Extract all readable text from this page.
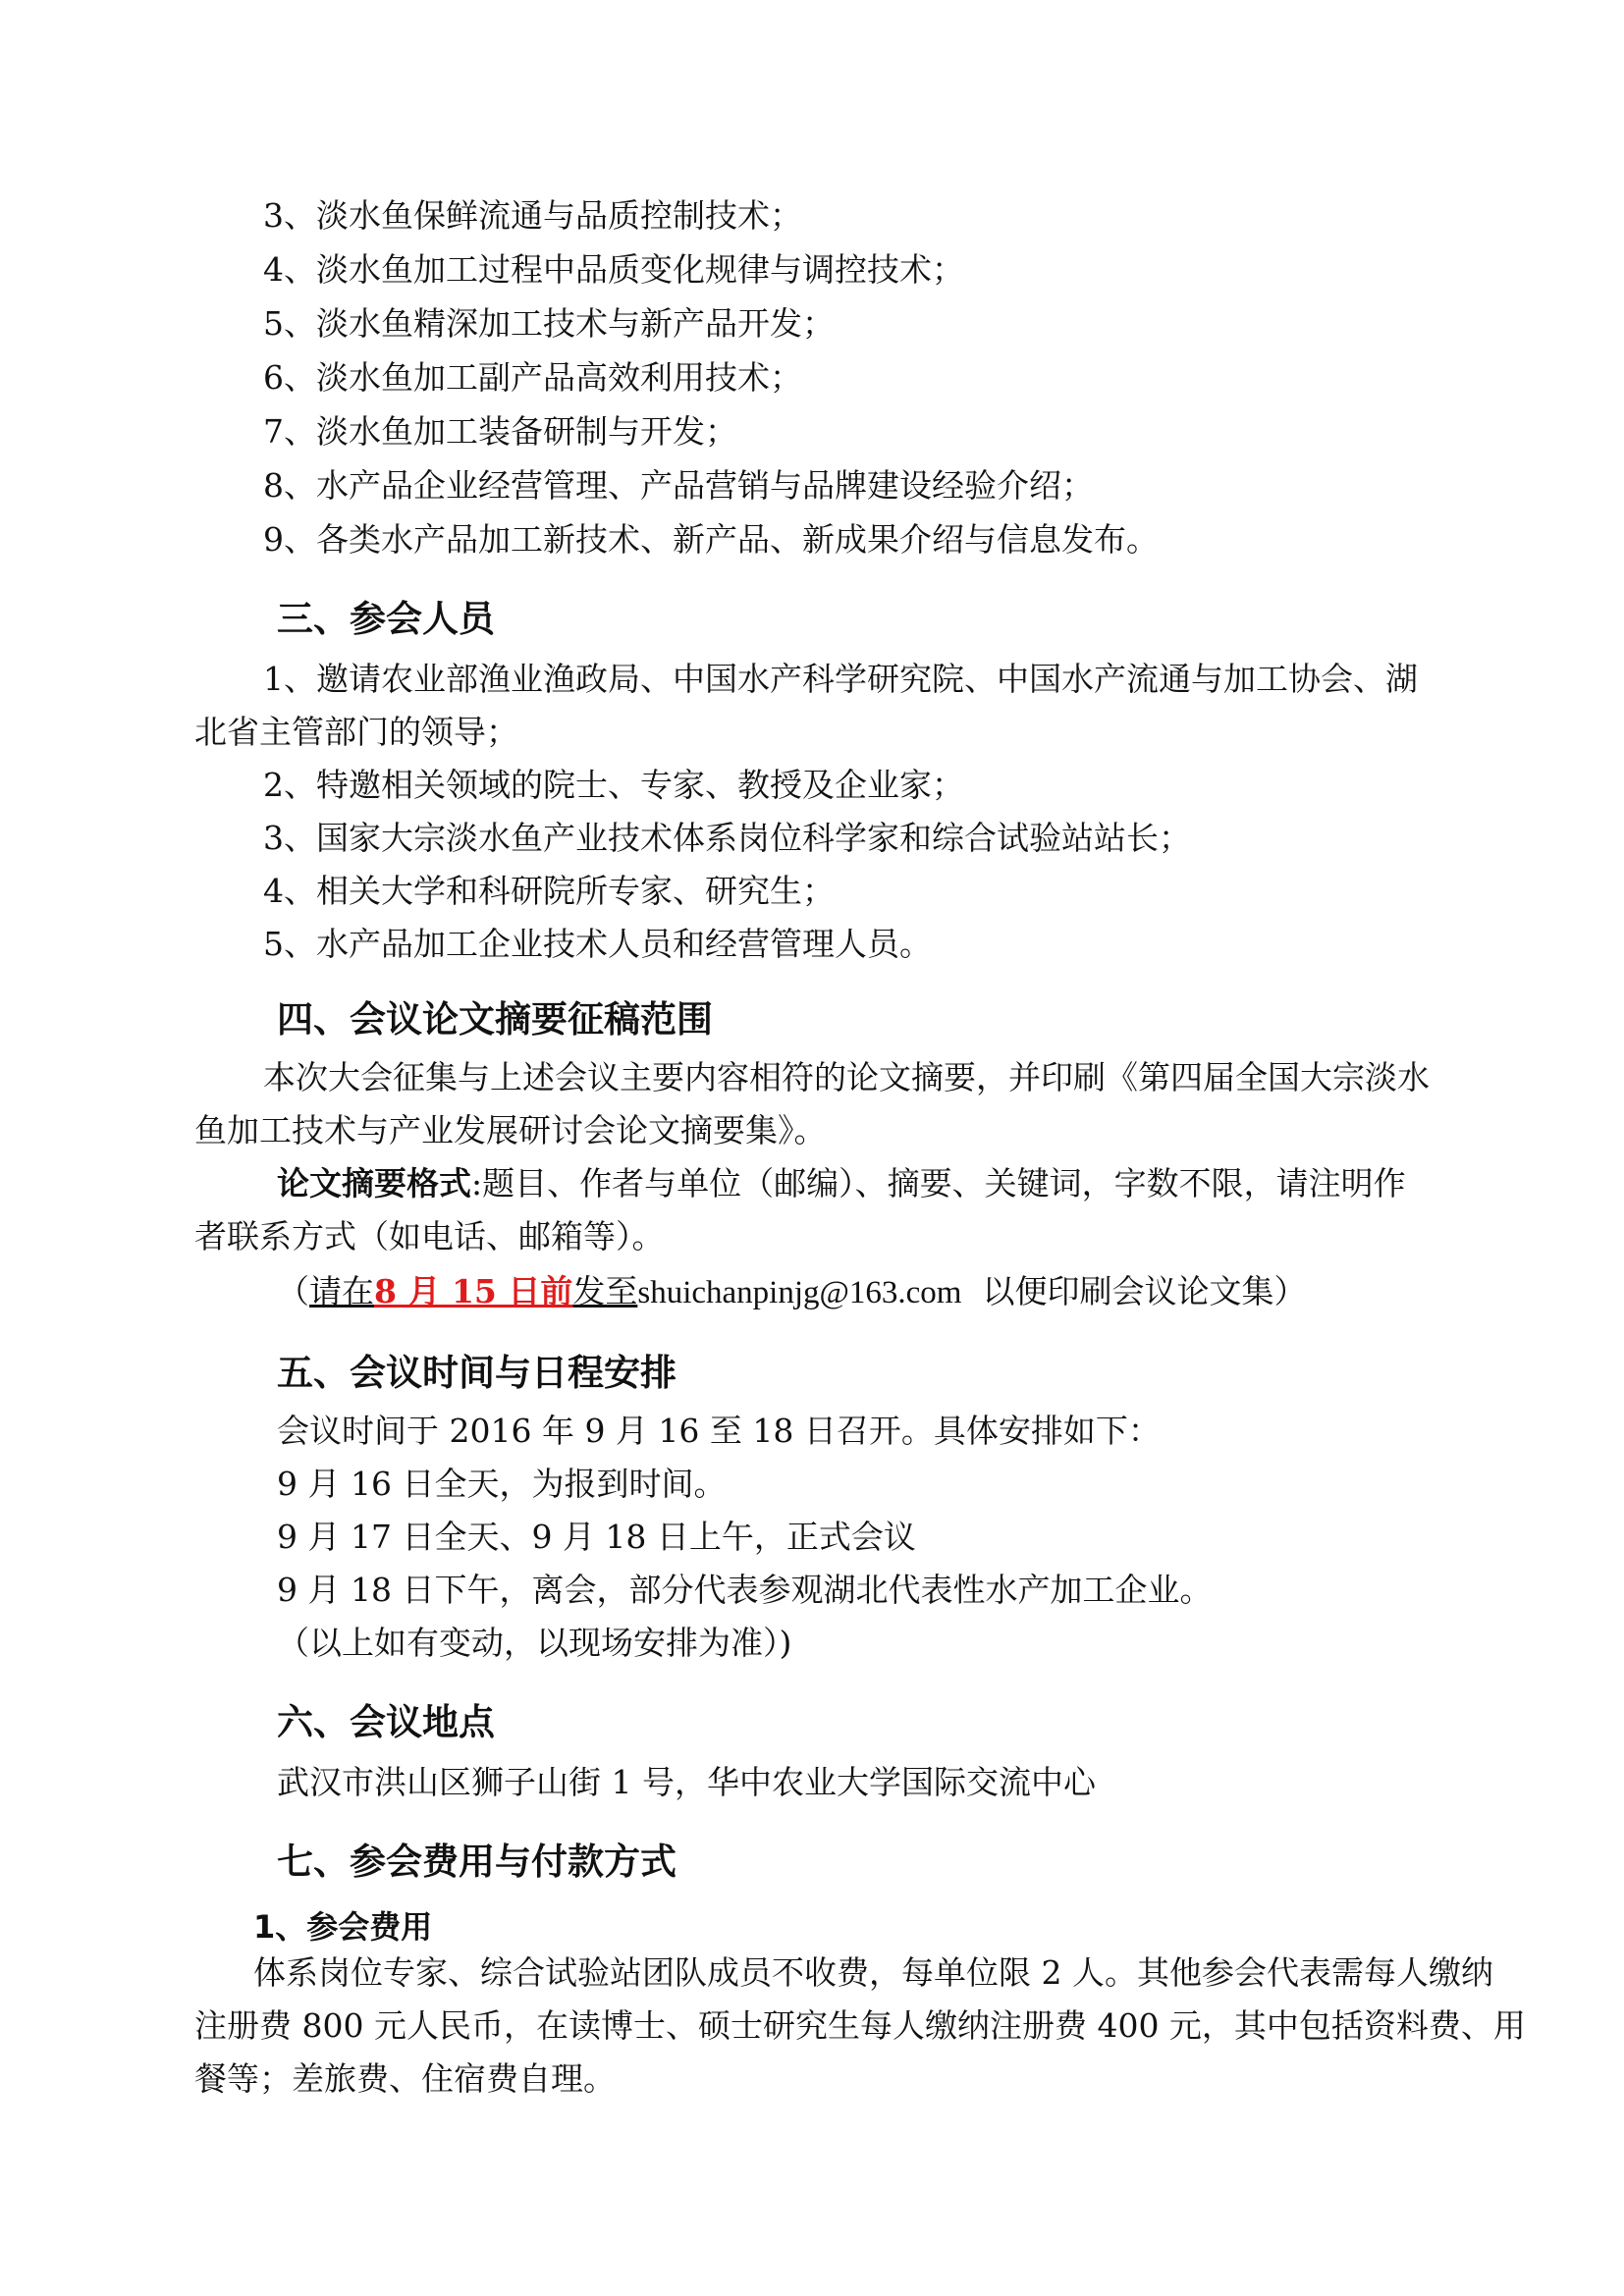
3、淡水鱼保鲜流通与品质控制技术；
4、淡水鱼加工过程中品质变化规律与调控技术；
5、淡水鱼精深加工技术与新产品开发；
6、淡水鱼加工副产品高效利用技术；
7、淡水鱼加工装备研制与开发；
8、水产品企业经营管理、产品营销与品牌建设经验介绍；
9、各类水产品加工新技术、新产品、新成果介绍与信息发布。
三、参会人员
1、邀请农业部渔业渔政局、中国水产科学研究院、中国水产流通与加工协会、湖
北省主管部门的领导；
2、特邀相关领域的院士、专家、教授及企业家；
3、国家大宗淡水鱼产业技术体系岗位科学家和综合试验站站长；
4、相关大学和科研院所专家、研究生；
5、水产品加工企业技术人员和经营管理人员。
四、会议论文摘要征稿范围
本次大会征集与上述会议主要内容相符的论文摘要，并印刷《第四届全国大宗淡水
鱼加工技术与产业发展研讨会论文摘要集》。
论文摘要格式:题目、作者与单位（邮编）、摘要、关键词，字数不限，请注明作
者联系方式（如电话、邮箱等）。
（请在8 月 15 日前发至shuichanpinjg@163.com 以便印刷会议论文集）
五、会议时间与日程安排
会议时间于 2016 年 9 月 16 至 18 日召开。具体安排如下：
9 月 16 日全天，为报到时间。
9 月 17 日全天、9 月 18 日上午，正式会议
9 月 18 日下午，离会，部分代表参观湖北代表性水产加工企业。
（以上如有变动，以现场安排为准）)
六、会议地点
武汉市洪山区狮子山街 1 号，华中农业大学国际交流中心
七、参会费用与付款方式
1、参会费用
体系岗位专家、综合试验站团队成员不收费，每单位限 2 人。其他参会代表需每人缴纳
注册费 800 元人民币，在读博士、硕士研究生每人缴纳注册费 400 元，其中包括资料费、用
餐等；差旅费、住宿费自理。
